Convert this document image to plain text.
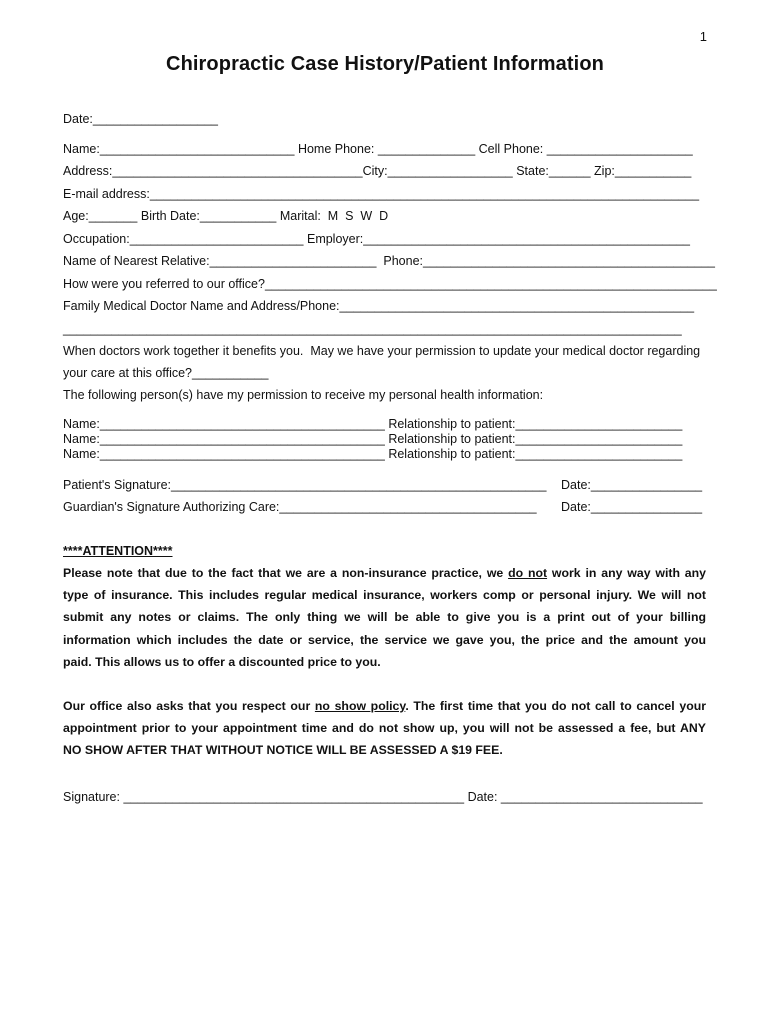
1
Chiropractic Case History/Patient Information
Date:__________________
Name:____________________________ Home Phone: ______________ Cell Phone: _____________________
Address:____________________________________City:__________________ State:______ Zip:___________
E-mail address:_______________________________________________________________________________
Age:_______ Birth Date:___________ Marital:  M  S  W  D
Occupation:_________________________ Employer:_______________________________________________
Name of Nearest Relative:________________________  Phone:__________________________________________
How were you referred to our office?_________________________________________________________________
Family Medical Doctor Name and Address/Phone:___________________________________________________
_________________________________________________________________________________________
When doctors work together it benefits you.  May we have your permission to update your medical doctor regarding
your care at this office?___________
The following person(s) have my permission to receive my personal health information:
Name:_________________________________________ Relationship to patient:________________________
Name:_________________________________________ Relationship to patient:________________________
Name:_________________________________________ Relationship to patient:________________________
Patient's Signature:______________________________________________________ Date:________________
Guardian's Signature Authorizing Care:_____________________________________ Date:________________
****ATTENTION****
Please note that due to the fact that we are a non-insurance practice, we do not work in any way with any
type of insurance. This includes regular medical insurance, workers comp or personal injury. We will not
submit any notes or claims. The only thing we will be able to give you is a print out of your billing
information which includes the date or service, the service we gave you, the price and the amount you
paid. This allows us to offer a discounted price to you.
Our office also asks that you respect our no show policy. The first time that you do not call to cancel your
appointment prior to your appointment time and do not show up, you will not be assessed a fee, but ANY
NO SHOW AFTER THAT WITHOUT NOTICE WILL BE ASSESSED A $19 FEE.
Signature: _________________________________________________ Date: _____________________________
